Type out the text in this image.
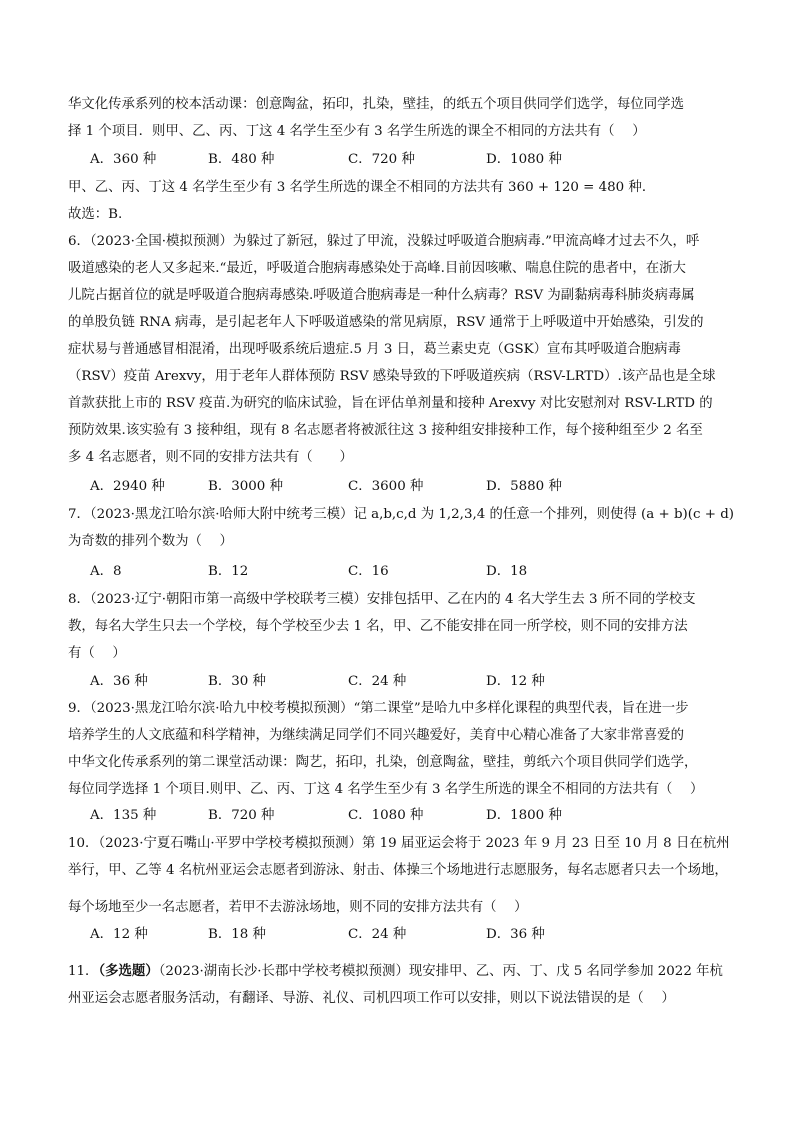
华文化传承系列的校本活动课：创意陶盆，拓印，扎染，壁挂，的纸五个项目供同学们选学，每位同学选
择 1 个项目．则甲、乙、丙、丁这 4 名学生至少有 3 名学生所选的课全不相同的方法共有（　 ）
A．360 种	B．480 种	C．720 种	D．1080 种
甲、乙、丙、丁这 4 名学生至少有 3 名学生所选的课全不相同的方法共有 360 + 120 = 480 种．
故选：B.
6．（2023·全国·模拟预测）为躲过了新冠，躲过了甲流，没躲过呼吸道合胞病毒.”甲流高峰才过去不久，呼
吸道感染的老人又多起来.“最近，呼吸道合胞病毒感染处于高峰.目前因咳嗽、喘息住院的患者中，在浙大
儿院占据首位的就是呼吸道合胞病毒感染.呼吸道合胞病毒是一种什么病毒？RSV 为副黏病毒科肺炎病毒属
的单股负链 RNA 病毒，是引起老年人下呼吸道感染的常见病原，RSV 通常于上呼吸道中开始感染，引发的
症状易与普通感冒相混淆，出现呼吸系统后遗症.5 月 3 日，葛兰素史克（GSK）宣布其呼吸道合胞病毒
（RSV）疫苗 Arexvy，用于老年人群体预防 RSV 感染导致的下呼吸道疾病（RSV-LRTD）.该产品也是全球
首款获批上市的 RSV 疫苗.为研究的临床试验，旨在评估单剂量和接种 Arexvy 对比安慰剂对 RSV-LRTD 的
预防效果.该实验有 3 接种组，现有 8 名志愿者将被派往这 3 接种组安排接种工作，每个接种组至少 2 名至
多 4 名志愿者，则不同的安排方法共有（　　）
A．2940 种	B．3000 种	C．3600 种	D．5880 种
7．（2023·黑龙江哈尔滨·哈师大附中统考三模）记 a,b,c,d 为 1,2,3,4 的任意一个排列，则使得 (a + b)(c + d)
为奇数的排列个数为（　 ）
A．8	B．12	C．16	D．18
8．（2023·辽宁·朝阳市第一高级中学校联考三模）安排包括甲、乙在内的 4 名大学生去 3 所不同的学校支
教，每名大学生只去一个学校，每个学校至少去 1 名，甲、乙不能安排在同一所学校，则不同的安排方法
有（　 ）
A．36 种	B．30 种	C．24 种	D．12 种
9．（2023·黑龙江哈尔滨·哈九中校考模拟预测）“第二课堂”是哈九中多样化课程的典型代表，旨在进一步
培养学生的人文底蕴和科学精神，为继续满足同学们不同兴趣爱好，美育中心精心准备了大家非常喜爱的
中华文化传承系列的第二课堂活动课：陶艺，拓印，扎染，创意陶盆，壁挂，剪纸六个项目供同学们选学，
每位同学选择 1 个项目.则甲、乙、丙、丁这 4 名学生至少有 3 名学生所选的课全不相同的方法共有（　 ）
A．135 种	B．720 种	C．1080 种	D．1800 种
10．（2023·宁夏石嘴山·平罗中学校考模拟预测）第 19 届亚运会将于 2023 年 9 月 23 日至 10 月 8 日在杭州
举行，甲、乙等 4 名杭州亚运会志愿者到游泳、射击、体操三个场地进行志愿服务，每名志愿者只去一个场地，
每个场地至少一名志愿者，若甲不去游泳场地，则不同的安排方法共有（　 ）
A．12 种	B．18 种	C．24 种	D．36 种
11．（多选题）（2023·湖南长沙·长郡中学校考模拟预测）现安排甲、乙、丙、丁、戊 5 名同学参加 2022 年杭
州亚运会志愿者服务活动，有翻译、导游、礼仪、司机四项工作可以安排，则以下说法错误的是（　 ）
